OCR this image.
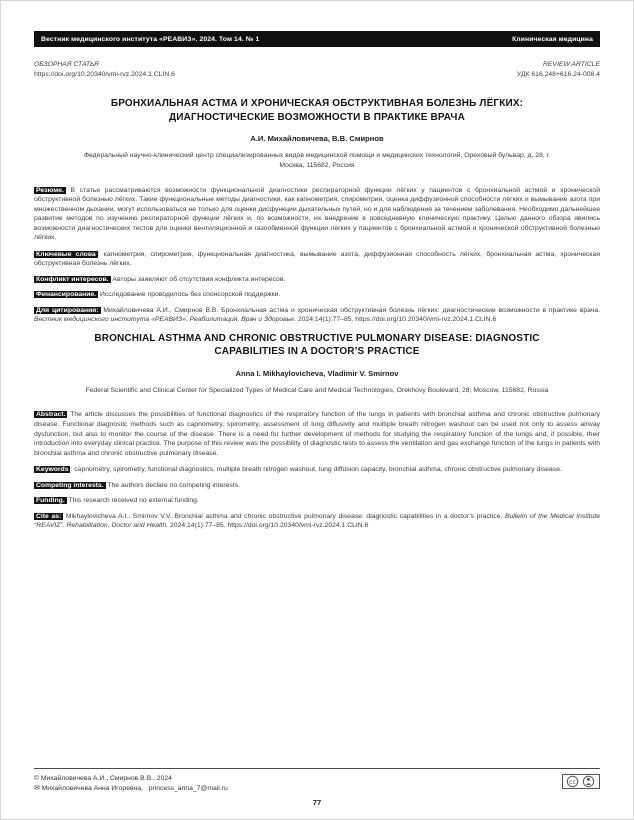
Вестник медицинского института «РЕАВИЗ». 2024. Том 14. № 1	Клиническая медицина
ОБЗОРНАЯ СТАТЬЯ
https://doi.org/10.20340/vmi-rvz.2024.1.CLIN.6
REVIEW ARTICLE
УДК 616.248+616.24-008.4
БРОНХИАЛЬНАЯ АСТМА И ХРОНИЧЕСКАЯ ОБСТРУКТИВНАЯ БОЛЕЗНЬ ЛЁГКИХ: ДИАГНОСТИЧЕСКИЕ ВОЗМОЖНОСТИ В ПРАКТИКЕ ВРАЧА
А.И. Михайловичева, В.В. Смирнов
Федеральный научно-клинический центр специализированных видов медицинской помощи и медицинских технологий, Ореховый бульвар, д. 28, г. Москва, 115682, Россия

Резюме. В статье рассматриваются возможности функциональной диагностики респираторной функции лёгких у пациентов с бронхиальной астмой и хронической обструктивной болезнью лёгких. Такие функциональные методы диагностики, как капнометрия, спирометрия, оценка диффузионной способности лёгких и вымывание азота при множественном дыхании, могут использоваться не только для оценки дисфункции дыхательных путей, но и для наблюдения за течением заболевания. Необходимо дальнейшее развитие методов по изучению респираторной функции лёгких и, по возможности, их внедрение в повседневную клиническую практику. Целью данного обзора явились возможности диагностических тестов для оценки вентиляционной и газообменной функции лёгких у пациентов с бронхиальной астмой и хронической обструктивной болезнью лёгких.

Ключевые слова : капнометрия, спирометрия, функциональная диагностика, вымывание азота, диффузионная способность лёгких, бронхиальная астма, хроническая обструктивная болезнь лёгких.

Конфликт интересов. Авторы заявляют об отсутствии конфликта интересов.

Финансирование. Исследование проводилось без спонсорской поддержки.

Для цитирования: Михайловичева А.И., Смирнов В.В. Бронхиальная астма и хроническая обструктивная болезнь лёгких: диагностические возможности в практике врача. Вестник медицинского института «РЕАВИЗ». Реабилитация, Врач и Здоровье. 2024;14(1):77–85. https://doi.org/10.20340/vmi-rvz.2024.1.CLIN.6

BRONCHIAL ASTHMA AND CHRONIC OBSTRUCTIVE PULMONARY DISEASE: DIAGNOSTIC CAPABILITIES IN A DOCTOR’S PRACTICE
Anna I. Mikhaylovicheva, Vladimir V. Smirnov
Federal Scientific and Clinical Center for Specialized Types of Medical Care and Medical Technologies, Orekhovy Boulevard, 28, Moscow, 115682, Russia

Abstract. The article discusses the possibilities of functional diagnostics of the respiratory function of the lungs in patients with bronchial asthma and chronic obstructive pulmonary disease. Functional diagnostic methods such as capnometry, spirometry, assessment of lung diffusivity and multiple breath nitrogen washout can be used not only to assess airway dysfunction, but also to monitor the course of the disease. There is a need for further development of methods for studying the respiratory function of the lungs and, if possible, their introduction into everyday clinical practice. The purpose of this review was the possibility of diagnostic tests to assess the ventilation and gas exchange function of the lungs in patients with bronchial asthma and chronic obstructive pulmonary disease.

Keywords : capnometry, spirometry, functional diagnostics, multiple breath nitrogen washout, lung diffusion capacity, bronchial asthma, chronic obstructive pulmonary disease.

Competing interests. The authors declare no competing interests.

Funding. This research received no external funding.

Cite as: Mikhaylovicheva A.I., Smirnov V.V. Bronchial asthma and chronic obstructive pulmonary disease: diagnostic capabilities in a doctor’s practice. Bulletin of the Medical Institute “REAVIZ”. Rehabilitation, Doctor and Health. 2024;14(1):77–85. https://doi.org/10.20340/vmi-rvz.2024.1.CLIN.6

© Михайловичева А.И., Смирнов В.В., 2024
✉ Михайловичева Анна Игоревна, princess_anna_7@mail.ru
cc
77
